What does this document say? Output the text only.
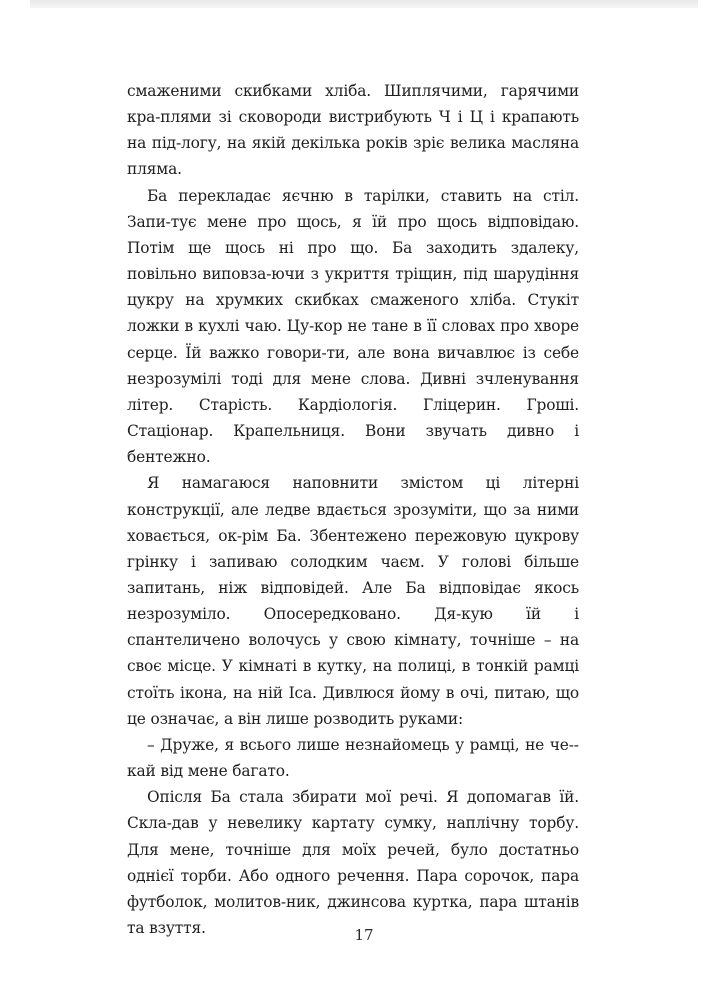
смаженими скибками хліба. Шиплячими, гарячими кра-плями зі сковороди вистрибують Ч і Ц і крапають на під-логу, на якій декілька років зріє велика масляна пляма.

Ба перекладає яєчню в тарілки, ставить на стіл. Запи-тує мене про щось, я їй про щось відповідаю. Потім ще щось ні про що. Ба заходить здалеку, повільно виповза-ючи з укриття тріщин, під шарудіння цукру на хрумких скибках смаженого хліба. Стукіт ложки в кухлі чаю. Цу-кор не тане в її словах про хворе серце. Їй важко говори-ти, але вона вичавлює із себе незрозумілі тоді для мене слова. Дивні зчленування літер. Старість. Кардіологія. Гліцерин. Гроші. Стаціонар. Крапельниця. Вони звучать дивно і бентежно.

Я намагаюся наповнити змістом ці літерні конструкції, але ледве вдається зрозуміти, що за ними ховається, ок-рім Ба. Збентежено пережовую цукрову грінку і запиваю солодким чаєм. У голові більше запитань, ніж відповідей. Але Ба відповідає якось незрозуміло. Опосередковано. Дя-кую їй і спантеличено волочусь у свою кімнату, точніше – на своє місце. У кімнаті в кутку, на полиці, в тонкій рамці стоїть ікона, на ній Іса. Дивлюся йому в очі, питаю, що це означає, а він лише розводить руками:

– Друже, я всього лише незнайомець у рамці, не че-кай від мене багато.

Опісля Ба стала збирати мої речі. Я допомагав їй. Скла-дав у невелику картату сумку, наплічну торбу. Для мене, точніше для моїх речей, було достатньо однієї торби. Або одного речення. Пара сорочок, пара футболок, молитов-ник, джинсова куртка, пара штанів та взуття.	17
